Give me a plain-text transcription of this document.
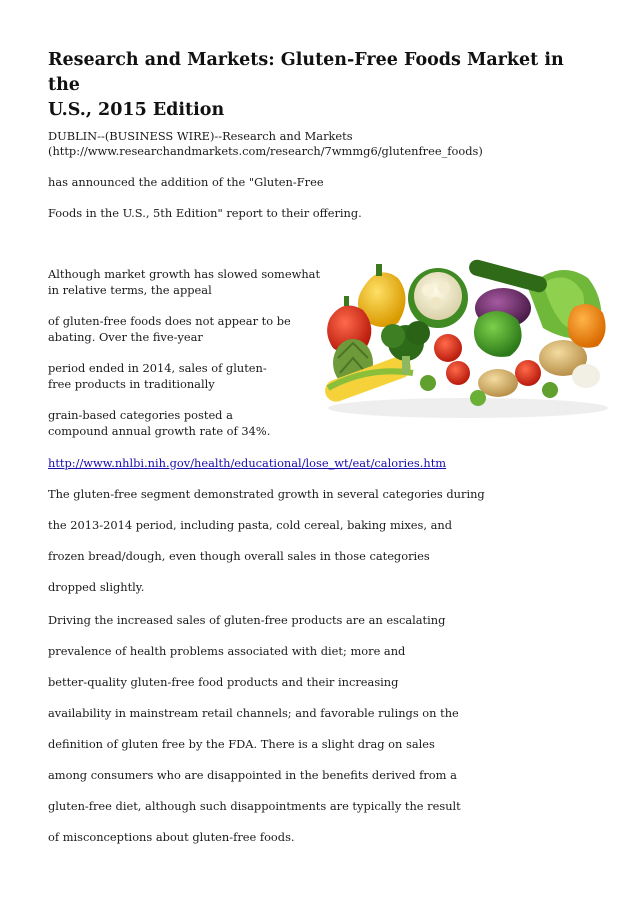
Research and Markets: Gluten-Free Foods Market in the
U.S., 2015 Edition

DUBLIN--(BUSINESS WIRE)--Research and Markets

(http://www.researchandmarkets.com/research/7wmmg6/glutenfree_foods)

has announced the addition of the "Gluten-Free

Foods in the U.S., 5th Edition" report to their offering.

Although market growth has slowed somewhat

in relative terms, the appeal

of gluten-free foods does not appear to be

abating. Over the five-year

period ended in 2014, sales of gluten-

free products in traditionally

grain-based categories posted a

compound annual growth rate of 34%.

http://www.nhlbi.nih.gov/health/educational/lose_wt/eat/calories.htm

The gluten-free segment demonstrated growth in several categories during

the 2013-2014 period, including pasta, cold cereal, baking mixes, and

frozen bread/dough, even though overall sales in those categories

dropped slightly.

Driving the increased sales of gluten-free products are an escalating

prevalence of health problems associated with diet; more and

better-quality gluten-free food products and their increasing

availability in mainstream retail channels; and favorable rulings on the

definition of gluten free by the FDA. There is a slight drag on sales

among consumers who are disappointed in the benefits derived from a

gluten-free diet, although such disappointments are typically the result

of misconceptions about gluten-free foods.
